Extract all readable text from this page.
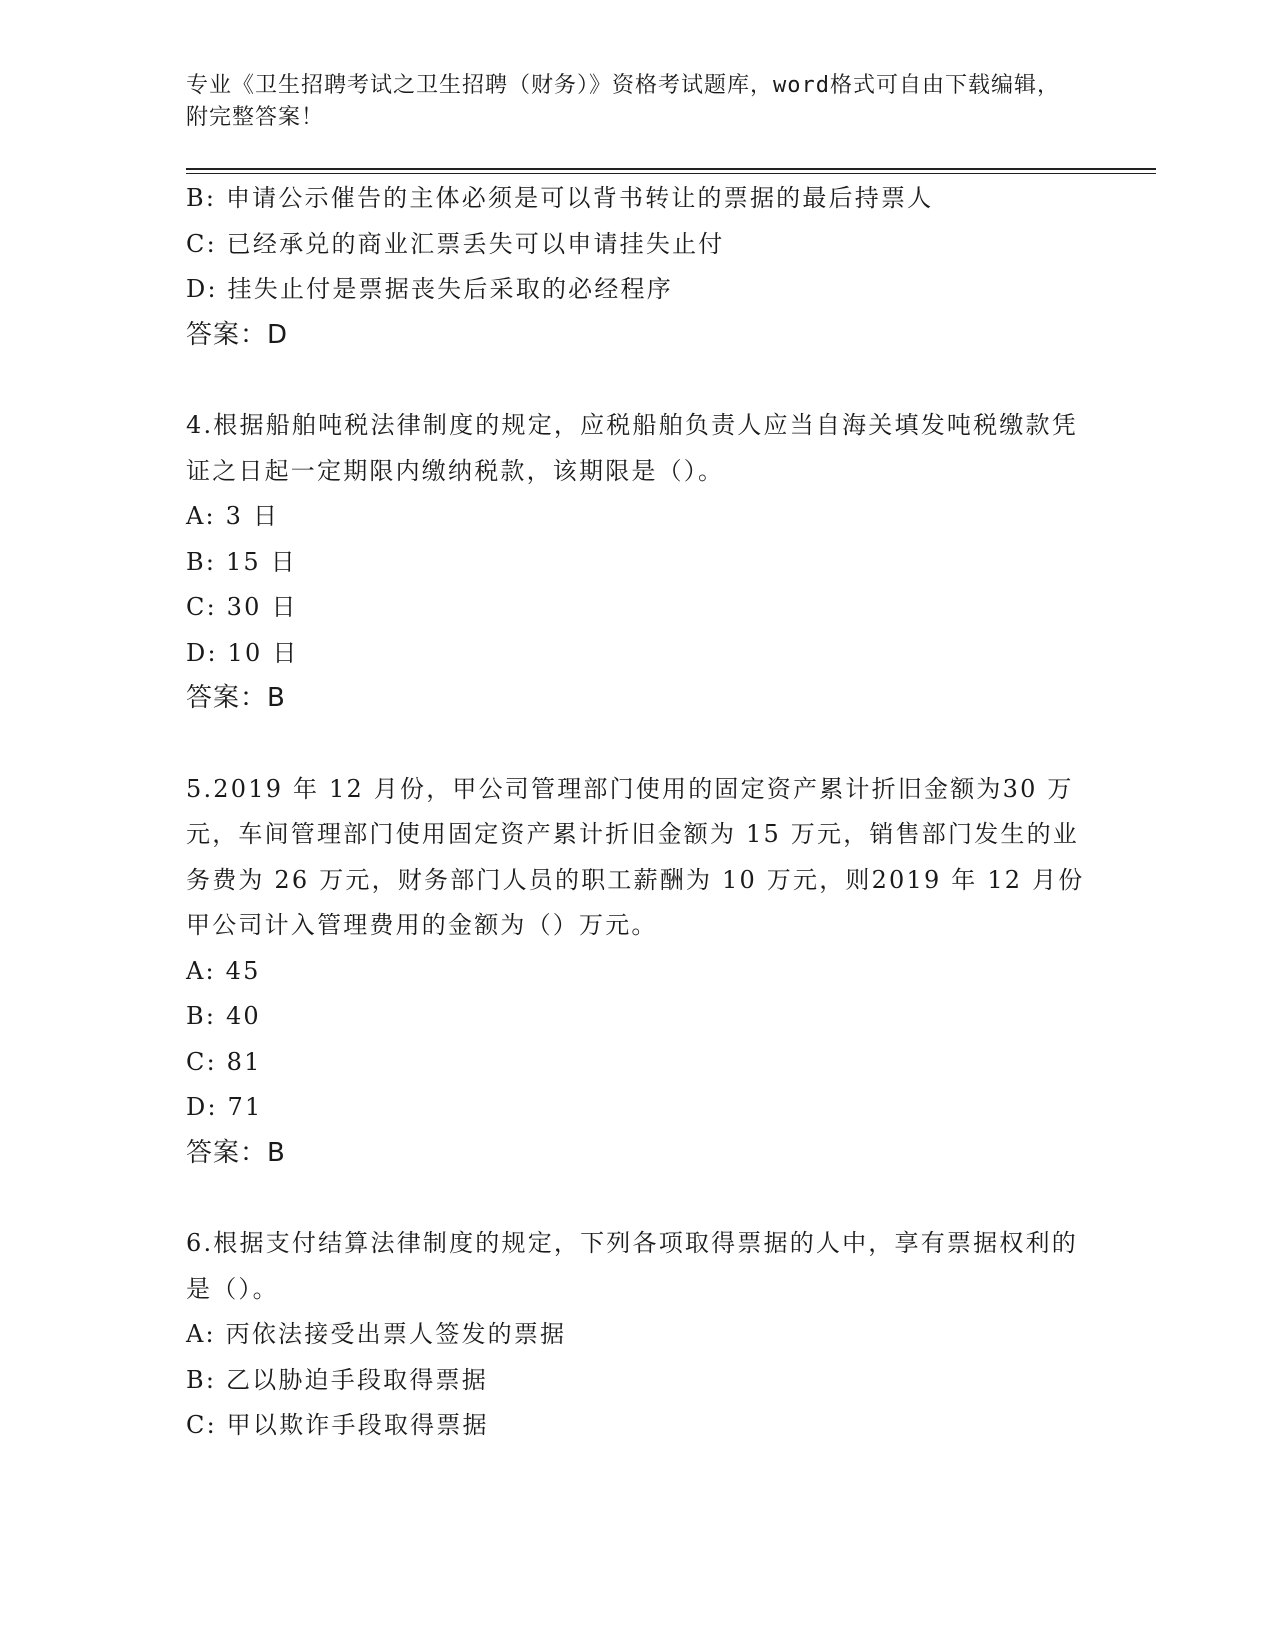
专业《卫生招聘考试之卫生招聘（财务）》资格考试题库，word格式可自由下载编辑，附完整答案！

B: 申请公示催告的主体必须是可以背书转让的票据的最后持票人

C: 已经承兑的商业汇票丢失可以申请挂失止付

D: 挂失止付是票据丧失后采取的必经程序

答案：D

4.根据船舶吨税法律制度的规定，应税船舶负责人应当自海关填发吨税缴款凭证之日起一定期限内缴纳税款，该期限是（）。

A: 3 日

B: 15 日

C: 30 日

D: 10 日

答案：B

5.2019 年 12 月份，甲公司管理部门使用的固定资产累计折旧金额为30 万元，车间管理部门使用固定资产累计折旧金额为 15 万元，销售部门发生的业务费为 26 万元，财务部门人员的职工薪酬为 10 万元，则2019 年 12 月份甲公司计入管理费用的金额为（）万元。

A: 45

B: 40

C: 81

D: 71

答案：B

6.根据支付结算法律制度的规定，下列各项取得票据的人中，享有票据权利的是（）。

A: 丙依法接受出票人签发的票据

B: 乙以胁迫手段取得票据

C: 甲以欺诈手段取得票据
